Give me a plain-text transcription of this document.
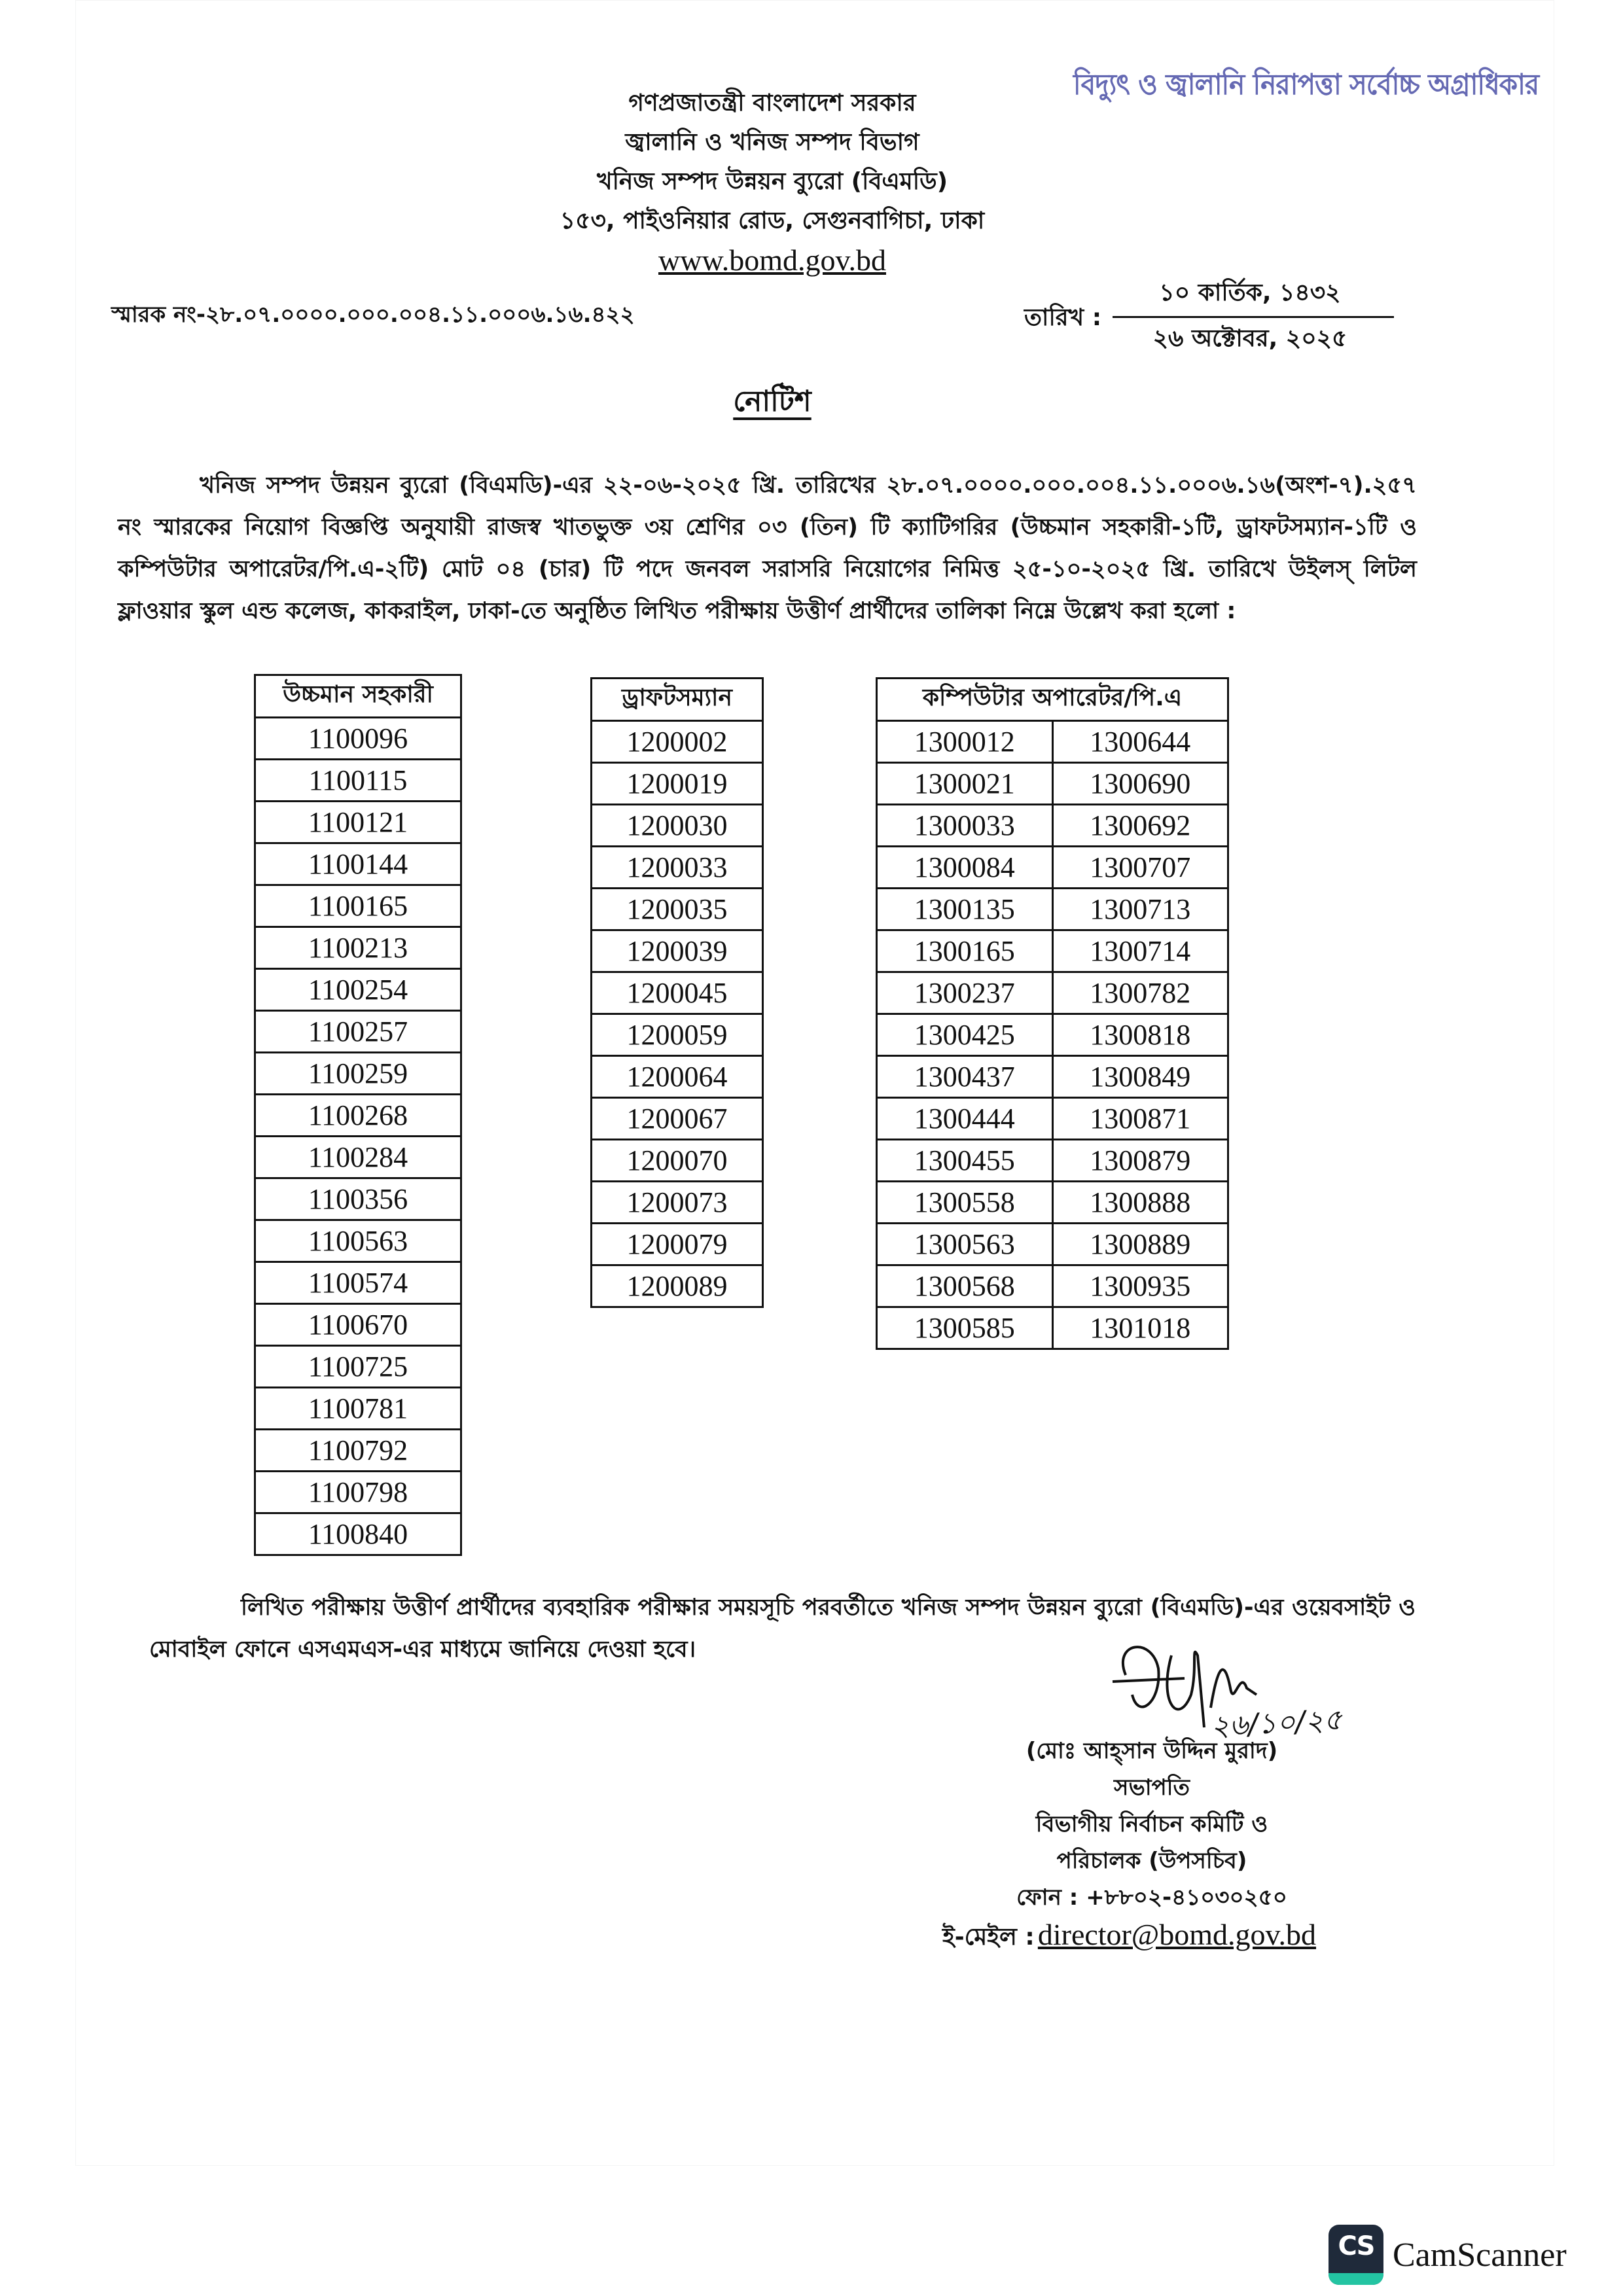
বিদ্যুৎ ও জ্বালানি নিরাপত্তা সর্বোচ্চ অগ্রাধিকার
গণপ্রজাতন্ত্রী বাংলাদেশ সরকার
জ্বালানি ও খনিজ সম্পদ বিভাগ
খনিজ সম্পদ উন্নয়ন ব্যুরো (বিএমডি)
১৫৩, পাইওনিয়ার রোড, সেগুনবাগিচা, ঢাকা
www.bomd.gov.bd
স্মারক নং-২৮.০৭.০০০০.০০০.০০৪.১১.০০০৬.১৬.৪২২	তারিখ :
১০ কার্তিক, ১৪৩২
২৬ অক্টোবর, ২০২৫
নোটিশ
খনিজ সম্পদ উন্নয়ন ব্যুরো (বিএমডি)-এর ২২-০৬-২০২৫ খ্রি. তারিখের ২৮.০৭.০০০০.০০০.০০৪.১১.০০০৬.১৬(অংশ-৭).২৫৭ নং স্মারকের নিয়োগ বিজ্ঞপ্তি অনুযায়ী রাজস্ব খাতভুক্ত ৩য় শ্রেণির ০৩ (তিন) টি ক্যাটিগরির (উচ্চমান সহকারী-১টি, ড্রাফটসম্যান-১টি ও কম্পিউটার অপারেটর/পি.এ-২টি) মোট ০৪ (চার) টি পদে জনবল সরাসরি নিয়োগের নিমিত্ত ২৫-১০-২০২৫ খ্রি. তারিখে উইলস্ লিটল ফ্লাওয়ার স্কুল এন্ড কলেজ, কাকরাইল, ঢাকা-তে অনুষ্ঠিত লিখিত পরীক্ষায় উত্তীর্ণ প্রার্থীদের তালিকা নিম্নে উল্লেখ করা হলো :
উচ্চমান সহকারী
1100096
1100115
1100121
1100144
1100165
1100213
1100254
1100257
1100259
1100268
1100284
1100356
1100563
1100574
1100670
1100725
1100781
1100792
1100798
1100840
ড্রাফটসম্যান
1200002
1200019
1200030
1200033
1200035
1200039
1200045
1200059
1200064
1200067
1200070
1200073
1200079
1200089
কম্পিউটার অপারেটর/পি.এ	
1300012	1300644
1300021	1300690
1300033	1300692
1300084	1300707
1300135	1300713
1300165	1300714
1300237	1300782
1300425	1300818
1300437	1300849
1300444	1300871
1300455	1300879
1300558	1300888
1300563	1300889
1300568	1300935
1300585	1301018
লিখিত পরীক্ষায় উত্তীর্ণ প্রার্থীদের ব্যবহারিক পরীক্ষার সময়সূচি পরবর্তীতে খনিজ সম্পদ উন্নয়ন ব্যুরো (বিএমডি)-এর ওয়েবসাইট ও মোবাইল ফোনে এসএমএস-এর মাধ্যমে জানিয়ে দেওয়া হবে।
২৬/১০/২৫
(মোঃ আহ্সান উদ্দিন মুরাদ)
সভাপতি
বিভাগীয় নির্বাচন কমিটি ও
পরিচালক (উপসচিব)
ফোন : +৮৮০২-৪১০৩০২৫০
ই-মেইল : director@bomd.gov.bd
CS CamScanner
